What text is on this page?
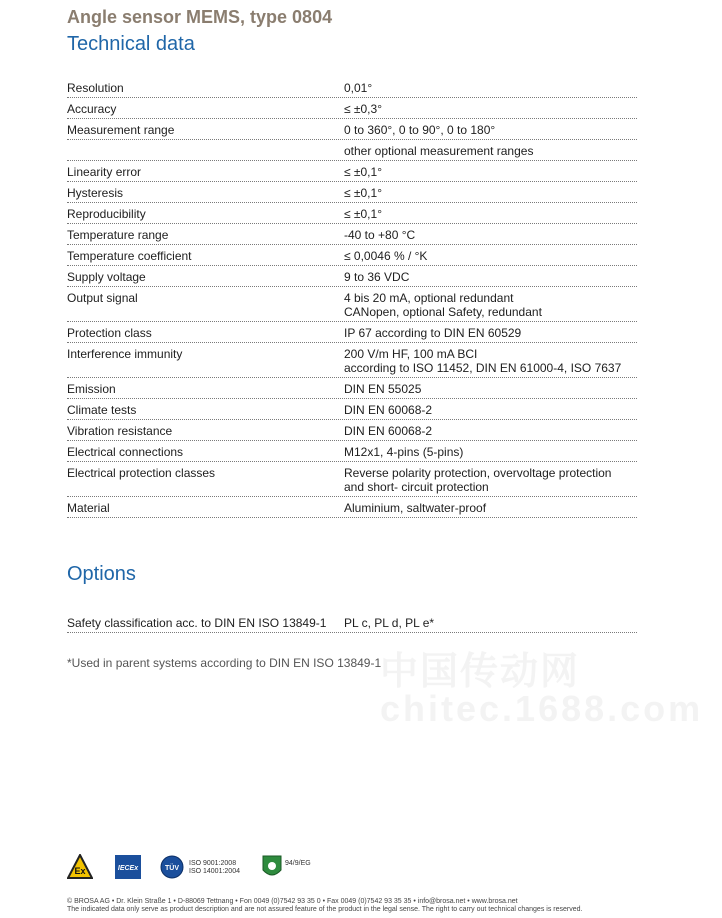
Angle sensor MEMS, type 0804
Technical data
Resolution	0,01°
Accuracy	≤ ±0,3°
Measurement range	0 to 360°, 0 to 90°, 0 to 180°
other optional measurement ranges
Linearity error	≤ ±0,1°
Hysteresis	≤ ±0,1°
Reproducibility	≤ ±0,1°
Temperature range	-40 to +80 °C
Temperature coefficient	≤ 0,0046 % / °K
Supply voltage	9 to 36 VDC
Output signal	4 bis 20 mA, optional redundant
CANopen, optional Safety, redundant
Protection class	IP 67 according to DIN EN 60529
Interference immunity	200 V/m HF, 100 mA BCI
according to ISO 11452, DIN EN 61000-4, ISO 7637
Emission	DIN EN 55025
Climate tests	DIN EN 60068-2
Vibration resistance	DIN EN 60068-2
Electrical connections	M12x1, 4-pins (5-pins)
Electrical protection classes	Reverse polarity protection, overvoltage protection
and short- circuit protection
Material	Aluminium, saltwater-proof
Options
Safety classification acc. to DIN EN ISO 13849-1	PL c, PL d, PL e*
*Used in parent systems according to DIN EN ISO 13849-1
中国传动网
chitec.1688.com
Ex	IECEx	TÜV
ISO 9001:2008
ISO 14001:2004
94/9/EG
© BROSA AG • Dr. Klein Straße 1 • D-88069 Tettnang • Fon 0049 (0)7542 93 35 0 • Fax 0049 (0)7542 93 35 35 • info@brosa.net • www.brosa.net
The indicated data only serve as product description and are not assured feature of the product in the legal sense. The right to carry out technical changes is reserved.
